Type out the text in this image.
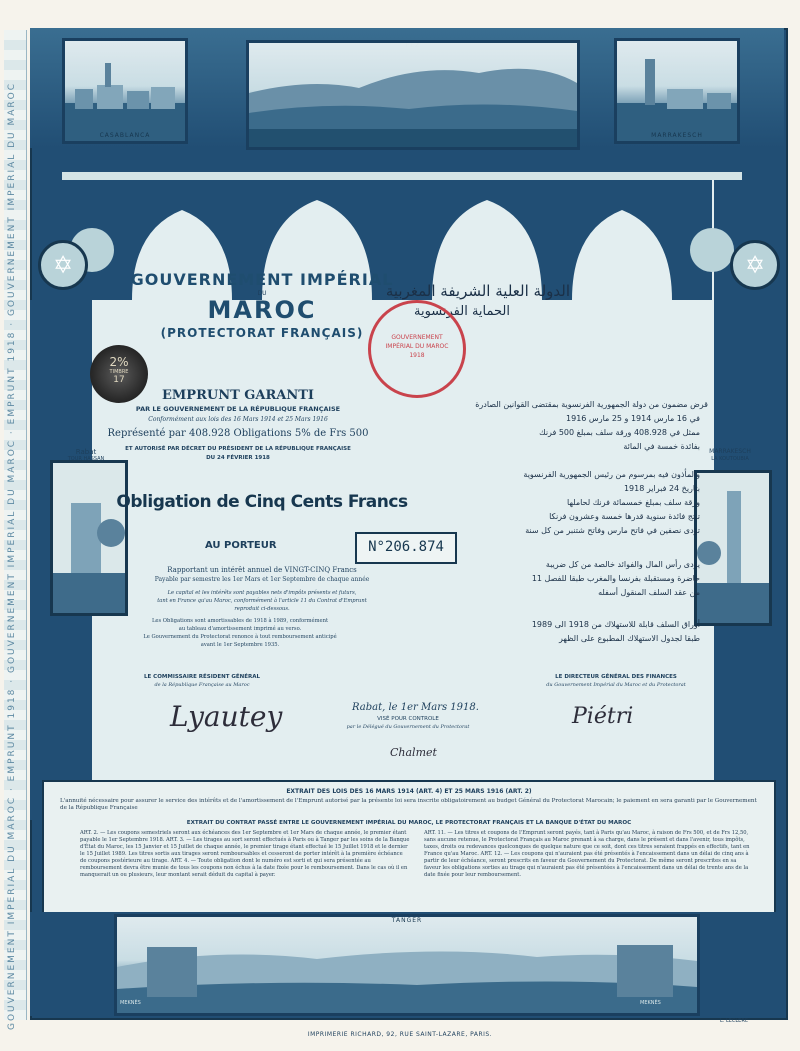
GOUVERNEMENT IMPÉRIAL DU MAROC · EMPRUNT 1918 · GOUVERNEMENT IMPÉRIAL DU MAROC · EMPRUNT 1918 · GOUVERNEMENT IMPÉRIAL DU MAROC	CASABLANCA
FEZ
MARRAKESCH
Rabat
TOUR HASSAN
MARRAKESCH
LA KOUTOUBIA
✡	✡
GOUVERNEMENT IMPÉRIAL
DU
MAROC
(PROTECTORAT FRANÇAIS)
الدولة العلية الشريفة المغربية
الحماية الفرنسوية
2%
TIMBRE
17
GOUVERNEMENT IMPÉRIAL DU MAROC 1918
EMPRUNT GARANTI
PAR LE GOUVERNEMENT DE LA RÉPUBLIQUE FRANÇAISE
Conformément aux lois des 16 Mars 1914 et 25 Mars 1916
Représenté par 408.928 Obligations 5% de Frs 500
ET AUTORISÉ PAR DÉCRET DU PRÉSIDENT DE LA RÉPUBLIQUE FRANÇAISE
DU 24 FÉVRIER 1918
Obligation de Cinq Cents Francs
AU PORTEUR	N°206.874
Rapportant un intérêt annuel de VINGT-CINQ Francs
Payable par semestre les 1er Mars et 1er Septembre de chaque année
Le capital et les intérêts sont payables nets d'impôts présents et futurs,
tant en France qu'au Maroc, conformément à l'article 11 du Contrat d'Emprunt
reproduit ci-dessous.
Les Obligations sont amortissables de 1918 à 1989, conformément
au tableau d'amortissement imprimé au verso.
Le Gouvernement du Protectorat renonce à tout remboursement anticipé
avant le 1er Septembre 1935.
قرض مضمون من دولة الجمهورية الفرنسوية بمقتضى القوانين الصادرة
في 16 مارس 1914 و 25 مارس 1916
ممثل في 408.928 ورقة سلف بمبلغ 500 فرنك
بفائدة خمسة في المائة
والمأذون فيه بمرسوم من رئيس الجمهورية الفرنسوية
بتاريخ 24 فبراير 1918
ورقة سلف بمبلغ خمسمائة فرنك لحاملها
تنتج فائدة سنوية قدرها خمسة وعشرون فرنكا
تؤدى نصفين في فاتح مارس وفاتح شتنبر من كل سنة
يؤدى رأس المال والفوائد خالصة من كل ضريبة
حاضرة ومستقبلة بفرنسا والمغرب طبقا للفصل 11
من عقد السلف المنقول أسفله
أوراق السلف قابلة للاستهلاك من 1918 الى 1989
طبقا لجدول الاستهلاك المطبوع على الظهر
LE COMMISSAIRE RÉSIDENT GÉNÉRAL
de la République Française au Maroc
Lyautey
LE DIRECTEUR GÉNÉRAL DES FINANCES
du Gouvernement Impérial du Maroc et du Protectorat
Piétri
Rabat, le 1er Mars 1918.
VISÉ POUR CONTROLE
par le Délégué du Gouvernement du Protectorat
Chalmet
EXTRAIT DES LOIS DES 16 MARS 1914 (ART. 4) ET 25 MARS 1916 (ART. 2)
L'annuité nécessaire pour assurer le service des intérêts et de l'amortissement de l'Emprunt autorisé par la présente loi sera inscrite obligatoirement au budget Général du Protectorat Marocain; le paiement en sera garanti par le Gouvernement de la République Française
EXTRAIT DU CONTRAT PASSÉ ENTRE LE GOUVERNEMENT IMPÉRIAL DU MAROC, LE PROTECTORAT FRANÇAIS ET LA BANQUE D'ÉTAT DU MAROC
ART. 2. — Les coupons semestriels seront aux échéances des 1er Septembre et 1er Mars de chaque année, le premier étant payable le 1er Septembre 1918. ART. 3. — Les tirages au sort seront effectués à Paris ou à Tanger par les soins de la Banque d'État du Maroc, les 15 Janvier et 15 Juillet de chaque année, le premier tirage étant effectué le 15 Juillet 1918 et le dernier le 15 Juillet 1989. Les titres sortis aux tirages seront remboursables et cesseront de porter intérêt à la première échéance de coupons postérieure au tirage. ART. 4. — Toute obligation dont le numéro est sorti et qui sera présentée au remboursement devra être munie de tous les coupons non échus à la date fixée pour le remboursement. Dans le cas où il en manquerait un ou plusieurs, leur montant serait déduit du capital à payer.
ART. 11. — Les titres et coupons de l'Emprunt seront payés, tant à Paris qu'au Maroc, à raison de Frs 500, et de Frs 12,50, sans aucune retenue, le Protectorat Français au Maroc prenant à sa charge, dans le présent et dans l'avenir, tous impôts, taxes, droits ou redevances quelconques de quelque nature que ce soit, dont ces titres seraient frappés en effectifs, tant en France qu'au Maroc. ART. 12. — Les coupons qui n'auraient pas été présentés à l'encaissement dans un délai de cinq ans à partir de leur échéance, seront prescrits en faveur du Gouvernement du Protectorat. De même seront prescrites en sa faveur les obligations sorties au tirage qui n'auraient pas été présentées à l'encaissement dans un délai de trente ans de la date fixée pour leur remboursement.
TANGER
MEKNÈS	MEKNÈS
L. LECLERC
IMPRIMERIE RICHARD, 92, RUE SAINT-LAZARE, PARIS.
